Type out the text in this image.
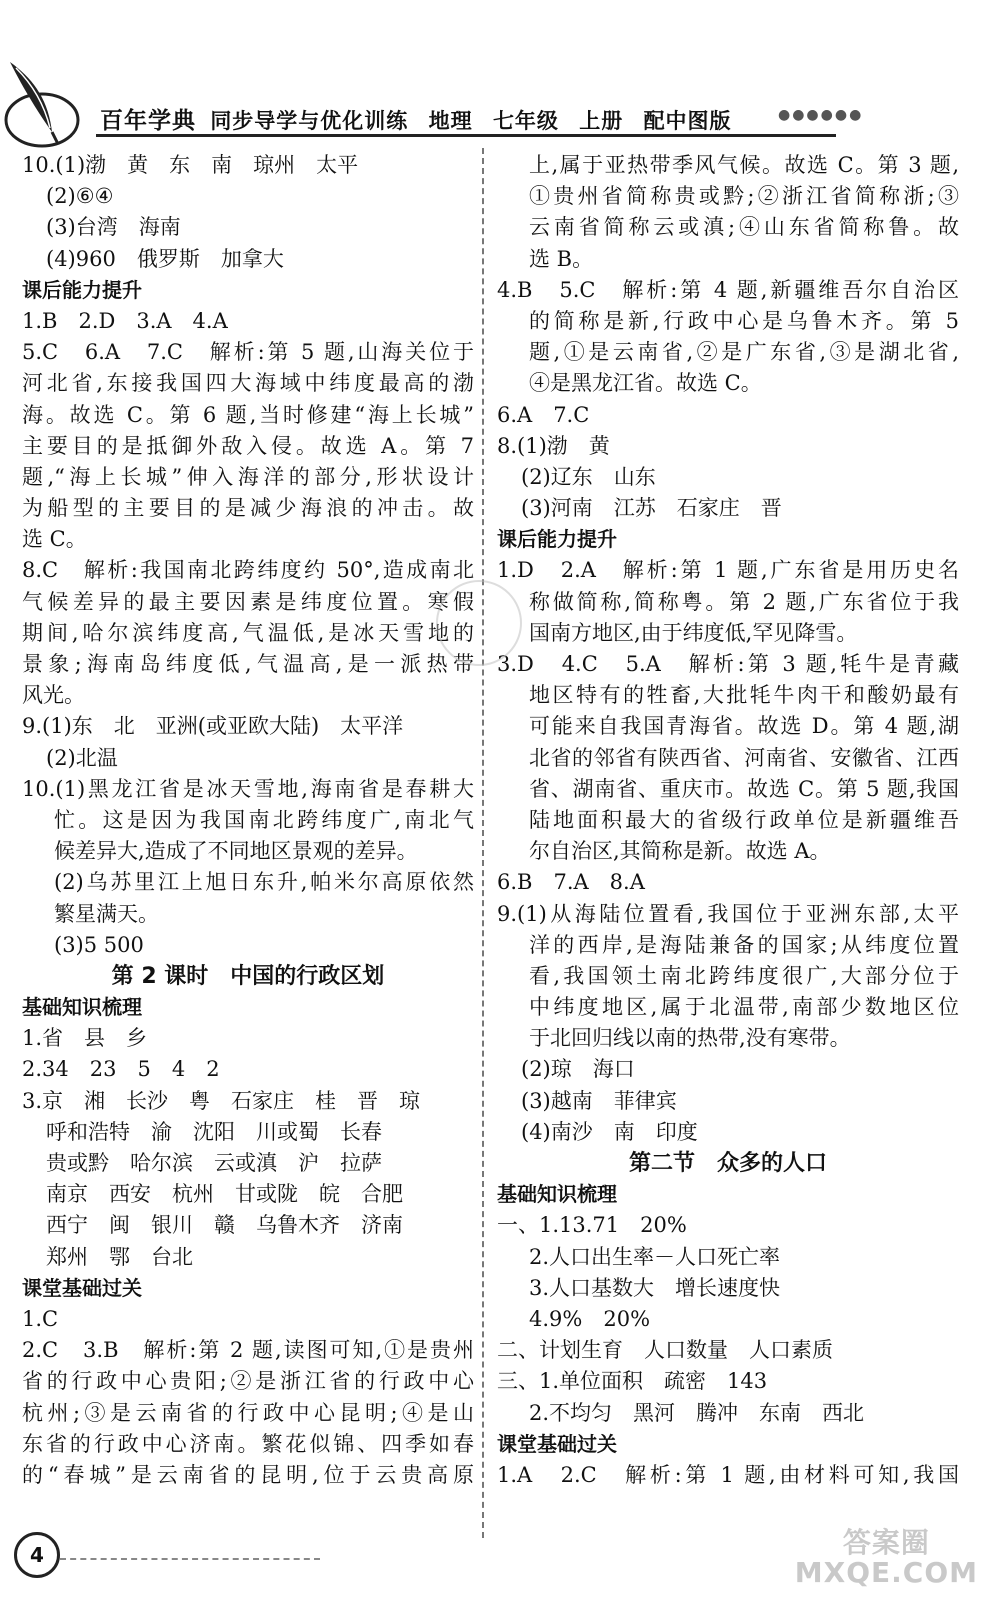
百年学典 同步导学与优化训练 地理 七年级 上册 配中图版	●●●●●●
10.(1)渤　黄　东　南　琼州　太平
(2)⑥④
(3)台湾　海南
(4)960　俄罗斯　加拿大
课后能力提升
1.B　2.D　3.A　4.A
5.C　6.A　7.C　解析:第 5 题,山海关位于
河北省,东接我国四大海域中纬度最高的渤
海。故选 C。第 6 题,当时修建“海上长城”
主要目的是抵御外敌入侵。故选 A。第 7
题,“海上长城”伸入海洋的部分,形状设计
为船型的主要目的是减少海浪的冲击。故
选 C。
8.C　解析:我国南北跨纬度约 50°,造成南北
气候差异的最主要因素是纬度位置。寒假
期间,哈尔滨纬度高,气温低,是冰天雪地的
景象;海南岛纬度低,气温高,是一派热带
风光。
9.(1)东　北　亚洲(或亚欧大陆)　太平洋
(2)北温
10.(1)黑龙江省是冰天雪地,海南省是春耕大
忙。这是因为我国南北跨纬度广,南北气
候差异大,造成了不同地区景观的差异。
(2)乌苏里江上旭日东升,帕米尔高原依然
繁星满天。
(3)5 500
第 2 课时　中国的行政区划
基础知识梳理
1.省　县　乡
2.34　23　5　4　2
3.京　湘　长沙　粤　石家庄　桂　晋　琼
呼和浩特　渝　沈阳　川或蜀　长春
贵或黔　哈尔滨　云或滇　沪　拉萨
南京　西安　杭州　甘或陇　皖　合肥
西宁　闽　银川　赣　乌鲁木齐　济南
郑州　鄂　台北
课堂基础过关
1.C
2.C　3.B　解析:第 2 题,读图可知,①是贵州
省的行政中心贵阳;②是浙江省的行政中心
杭州;③是云南省的行政中心昆明;④是山
东省的行政中心济南。繁花似锦、四季如春
的“春城”是云南省的昆明,位于云贵高原
上,属于亚热带季风气候。故选 C。第 3 题,
①贵州省简称贵或黔;②浙江省简称浙;③
云南省简称云或滇;④山东省简称鲁。故
选 B。
4.B　5.C　解析:第 4 题,新疆维吾尔自治区
的简称是新,行政中心是乌鲁木齐。第 5
题,①是云南省,②是广东省,③是湖北省,
④是黑龙江省。故选 C。
6.A　7.C
8.(1)渤　黄
(2)辽东　山东
(3)河南　江苏　石家庄　晋
课后能力提升
1.D　2.A　解析:第 1 题,广东省是用历史名
称做简称,简称粤。第 2 题,广东省位于我
国南方地区,由于纬度低,罕见降雪。
3.D　4.C　5.A　解析:第 3 题,牦牛是青藏
地区特有的牲畜,大批牦牛肉干和酸奶最有
可能来自我国青海省。故选 D。第 4 题,湖
北省的邻省有陕西省、河南省、安徽省、江西
省、湖南省、重庆市。故选 C。第 5 题,我国
陆地面积最大的省级行政单位是新疆维吾
尔自治区,其简称是新。故选 A。
6.B　7.A　8.A
9.(1)从海陆位置看,我国位于亚洲东部,太平
洋的西岸,是海陆兼备的国家;从纬度位置
看,我国领土南北跨纬度很广,大部分位于
中纬度地区,属于北温带,南部少数地区位
于北回归线以南的热带,没有寒带。
(2)琼　海口
(3)越南　菲律宾
(4)南沙　南　印度
第二节　众多的人口
基础知识梳理
一、1.13.71　20%
2.人口出生率－人口死亡率
3.人口基数大　增长速度快
4.9%　20%
二、计划生育　人口数量　人口素质
三、1.单位面积　疏密　143
2.不均匀　黑河　腾冲　东南　西北
课堂基础过关
1.A　2.C　解析:第 1 题,由材料可知,我国
4	答案圈
MXQE.COM
